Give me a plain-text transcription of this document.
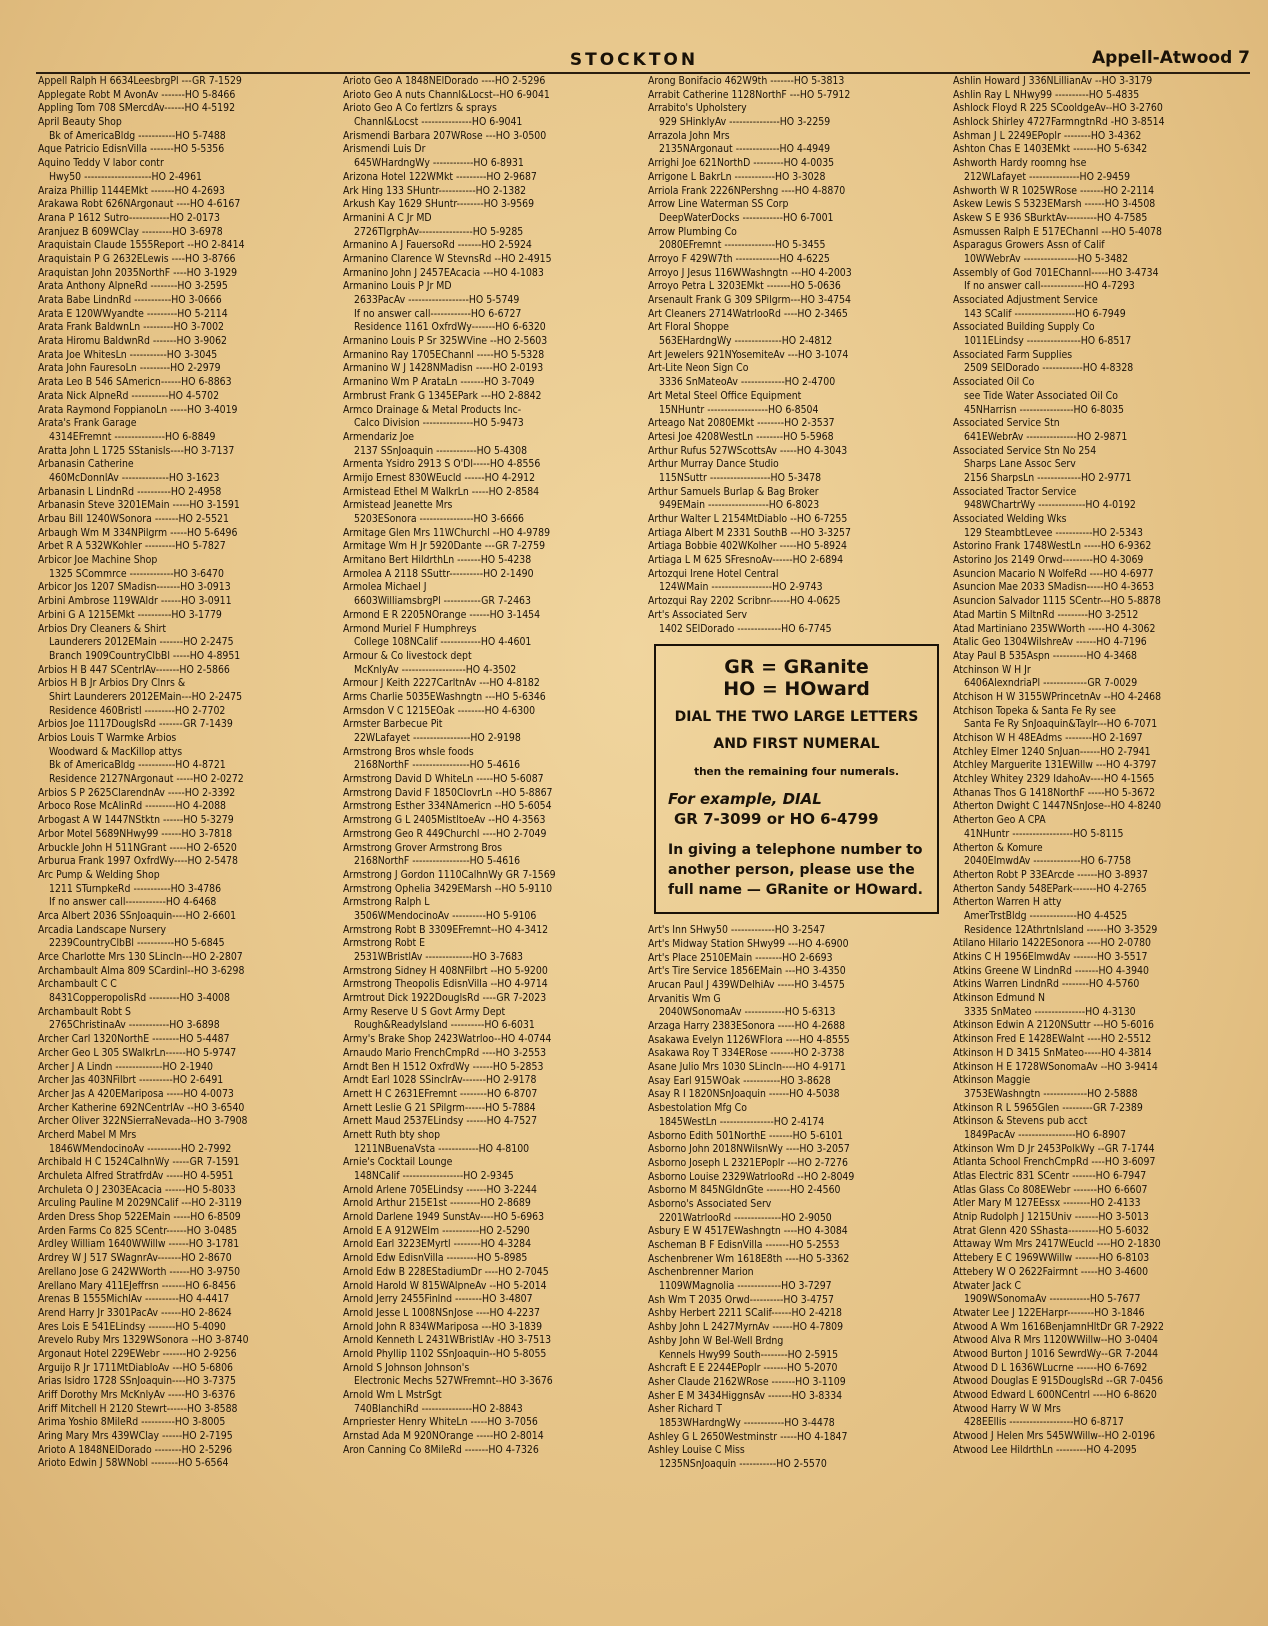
STOCKTON	Appell-Atwood 7
Appell Ralph H 6634LeesbrgPl ---GR 7-1529
Applegate Robt M AvonAv -------HO 5-8466
Appling Tom 708 SMercdAv------HO 4-5192
April Beauty Shop
Bk of AmericaBldg -----------HO 5-7488
Aque Patricio EdisnVilla -------HO 5-5356
Aquino Teddy V labor contr
Hwy50 --------------------HO 2-4961
Araiza Phillip 1144EMkt -------HO 4-2693
Arakawa Robt 626NArgonaut ----HO 4-6167
Arana P 1612 Sutro------------HO 2-0173
Aranjuez B 609WClay ---------HO 3-6978
Araquistain Claude 1555Report --HO 2-8414
Araquistain P G 2632ELewis ----HO 3-8766
Araquistan John 2035NorthF ----HO 3-1929
Arata Anthony AlpneRd --------HO 3-2595
Arata Babe LindnRd -----------HO 3-0666
Arata E 120WWyandte ---------HO 5-2114
Arata Frank BaldwnLn ---------HO 3-7002
Arata Hiromu BaldwnRd -------HO 3-9062
Arata Joe WhitesLn -----------HO 3-3045
Arata John FauresoLn ---------HO 2-2979
Arata Leo B 546 SAmericn------HO 6-8863
Arata Nick AlpneRd -----------HO 4-5702
Arata Raymond FoppianoLn -----HO 3-4019
Arata's Frank Garage
4314EFremnt ---------------HO 6-8849
Aratta John L 1725 SStanisls----HO 3-7137
Arbanasin Catherine
460McDonnlAv --------------HO 3-1623
Arbanasin L LindnRd ----------HO 2-4958
Arbanasin Steve 3201EMain -----HO 3-1591
Arbau Bill 1240WSonora -------HO 2-5521
Arbaugh Wm M 334NPilgrm -----HO 5-6496
Arbet R A 532WKohler ---------HO 5-7827
Arbicor Joe Machine Shop
1325 SCommrce -------------HO 3-6470
Arbicor Jos 1207 SMadisn-------HO 3-0913
Arbini Ambrose 119WAldr ------HO 3-0911
Arbini G A 1215EMkt ----------HO 3-1779
Arbios Dry Cleaners & Shirt
Launderers 2012EMain -------HO 2-2475
Branch 1909CountryClbBl -----HO 4-8951
Arbios H B 447 SCentrlAv-------HO 2-5866
Arbios H B Jr Arbios Dry Clnrs &
Shirt Launderers 2012EMain---HO 2-2475
Residence 460Bristl ---------HO 2-7702
Arbios Joe 1117DouglsRd -------GR 7-1439
Arbios Louis T Warmke Arbios
Woodward & MacKillop attys
Bk of AmericaBldg -----------HO 4-8721
Residence 2127NArgonaut -----HO 2-0272
Arbios S P 2625ClarendnAv -----HO 2-3392
Arboco Rose McAlinRd ---------HO 4-2088
Arbogast A W 1447NStktn ------HO 5-3279
Arbor Motel 5689NHwy99 ------HO 3-7818
Arbuckle John H 511NGrant -----HO 2-6520
Arburua Frank 1997 OxfrdWy----HO 2-5478
Arc Pump & Welding Shop
1211 STurnpkeRd -----------HO 3-4786
If no answer call------------HO 4-6468
Arca Albert 2036 SSnJoaquin----HO 2-6601
Arcadia Landscape Nursery
2239CountryClbBl -----------HO 5-6845
Arce Charlotte Mrs 130 SLincln---HO 2-2807
Archambault Alma 809 SCardinl--HO 3-6298
Archambault C C
8431CopperopolisRd ---------HO 3-4008
Archambault Robt S
2765ChristinaAv ------------HO 3-6898
Archer Carl 1320NorthE --------HO 5-4487
Archer Geo L 305 SWalkrLn------HO 5-9747
Archer J A Lindn --------------HO 2-1940
Archer Jas 403NFilbrt ----------HO 2-6491
Archer Jas A 420EMariposa -----HO 4-0073
Archer Katherine 692NCentrlAv --HO 3-6540
Archer Oliver 322NSierraNevada--HO 3-7908
Archerd Mabel M Mrs
1846WMendocinoAv ----------HO 2-7992
Archibald H C 1524CalhnWy -----GR 7-1591
Archuleta Alfred StratfrdAv -----HO 4-5951
Archuleta O J 2303EAcacia ------HO 5-8033
Arculing Pauline M 2029NCalif ---HO 2-3119
Arden Dress Shop 522EMain -----HO 6-8509
Arden Farms Co 825 SCentr------HO 3-0485
Ardley William 1640WWillw ------HO 3-1781
Ardrey W J 517 SWagnrAv-------HO 2-8670
Arellano Jose G 242WWorth ------HO 3-9750
Arellano Mary 411EJeffrsn -------HO 6-8456
Arenas B 1555MichlAv ----------HO 4-4417
Arend Harry Jr 3301PacAv ------HO 2-8624
Ares Lois E 541ELindsy --------HO 5-4090
Arevelo Ruby Mrs 1329WSonora --HO 3-8740
Argonaut Hotel 229EWebr -------HO 2-9256
Arguijo R Jr 1711MtDiabloAv ---HO 5-6806
Arias Isidro 1728 SSnJoaquin----HO 3-7375
Ariff Dorothy Mrs McKnlyAv -----HO 3-6376
Ariff Mitchell H 2120 Stewrt------HO 3-8588
Arima Yoshio 8MileRd ----------HO 3-8005
Aring Mary Mrs 439WClay ------HO 2-7195
Arioto A 1848NElDorado --------HO 2-5296
Arioto Edwin J 58WNobl --------HO 5-6564
Arioto Geo A 1848NElDorado ----HO 2-5296
Arioto Geo A nuts Channl&Locst--HO 6-9041
Arioto Geo A Co fertlzrs & sprays
Channl&Locst ---------------HO 6-9041
Arismendi Barbara 207WRose ---HO 3-0500
Arismendi Luis Dr
645WHardngWy ------------HO 6-8931
Arizona Hotel 122WMkt ---------HO 2-9687
Ark Hing 133 SHuntr-----------HO 2-1382
Arkush Kay 1629 SHuntr--------HO 3-9569
Armanini A C Jr MD
2726TlgrphAv----------------HO 5-9285
Armanino A J FauersoRd -------HO 2-5924
Armanino Clarence W StevnsRd --HO 2-4915
Armanino John J 2457EAcacia ---HO 4-1083
Armanino Louis P Jr MD
2633PacAv ------------------HO 5-5749
If no answer call------------HO 6-6727
Residence 1161 OxfrdWy-------HO 6-6320
Armanino Louis P Sr 325WVine --HO 2-5603
Armanino Ray 1705EChannl -----HO 5-5328
Armanino W J 1428NMadisn -----HO 2-0193
Armanino Wm P ArataLn -------HO 3-7049
Armbrust Frank G 1345EPark ---HO 2-8842
Armco Drainage & Metal Products Inc-
Calco Division ---------------HO 5-9473
Armendariz Joe
2137 SSnJoaquin ------------HO 5-4308
Armenta Ysidro 2913 S O'Dl-----HO 4-8556
Armijo Ernest 830WEucld ------HO 4-2912
Armistead Ethel M WalkrLn -----HO 2-8584
Armistead Jeanette Mrs
5203ESonora ----------------HO 3-6666
Armitage Glen Mrs 11WChurchl --HO 4-9789
Armitage Wm H Jr 5920Dante ---GR 7-2759
Armitano Bert HildrthLn -------HO 5-4238
Armolea A 2118 SSuttr----------HO 2-1490
Armolea Michael J
6603WilliamsbrgPl -----------GR 7-2463
Armond E R 2205NOrange ------HO 3-1454
Armond Muriel F Humphreys
College 108NCalif ------------HO 4-4601
Armour & Co livestock dept
McKnlyAv -------------------HO 4-3502
Armour J Keith 2227CarltnAv ---HO 4-8182
Arms Charlie 5035EWashngtn ---HO 5-6346
Armsdon V C 1215EOak --------HO 4-6300
Armster Barbecue Pit
22WLafayet -----------------HO 2-9198
Armstrong Bros whsle foods
2168NorthF -----------------HO 5-4616
Armstrong David D WhiteLn -----HO 5-6087
Armstrong David F 1850ClovrLn --HO 5-8867
Armstrong Esther 334NAmericn --HO 5-6054
Armstrong G L 2405MistltoeAv --HO 4-3563
Armstrong Geo R 449Churchl ----HO 2-7049
Armstrong Grover Armstrong Bros
2168NorthF -----------------HO 5-4616
Armstrong J Gordon 1110CalhnWy GR 7-1569
Armstrong Ophelia 3429EMarsh --HO 5-9110
Armstrong Ralph L
3506WMendocinoAv ----------HO 5-9106
Armstrong Robt B 3309EFremnt--HO 4-3412
Armstrong Robt E
2531WBristlAv --------------HO 3-7683
Armstrong Sidney H 408NFilbrt --HO 5-9200
Armstrong Theopolis EdisnVilla --HO 4-9714
Armtrout Dick 1922DouglsRd ----GR 7-2023
Army Reserve U S Govt Army Dept
Rough&ReadyIsland ----------HO 6-6031
Army's Brake Shop 2423Watrloo--HO 4-0744
Arnaudo Mario FrenchCmpRd ----HO 3-2553
Arndt Ben H 1512 OxfrdWy ------HO 5-2853
Arndt Earl 1028 SSinclrAv-------HO 2-9178
Arnett H C 2631EFremnt --------HO 6-8707
Arnett Leslie G 21 SPilgrm------HO 5-7884
Arnett Maud 2537ELindsy ------HO 4-7527
Arnett Ruth bty shop
1211NBuenaVsta ------------HO 4-8100
Arnie's Cocktail Lounge
148NCalif ------------------HO 2-9345
Arnold Arlene 705ELindsy ------HO 3-2244
Arnold Arthur 215E1st ---------HO 2-8689
Arnold Darlene 1949 SunstAv----HO 5-6963
Arnold E A 912WElm -----------HO 2-5290
Arnold Earl 3223EMyrtl --------HO 4-3284
Arnold Edw EdisnVilla ---------HO 5-8985
Arnold Edw B 228EStadiumDr ----HO 2-7045
Arnold Harold W 815WAlpneAv --HO 5-2014
Arnold Jerry 2455Finlnd --------HO 3-4807
Arnold Jesse L 1008NSnJose ----HO 4-2237
Arnold John R 834WMariposa ---HO 3-1839
Arnold Kenneth L 2431WBristlAv -HO 3-7513
Arnold Phyllip 1102 SSnJoaquin--HO 5-8055
Arnold S Johnson Johnson's
Electronic Mechs 527WFremnt--HO 3-3676
Arnold Wm L MstrSgt
740BlanchiRd ---------------HO 2-8843
Arnpriester Henry WhiteLn -----HO 3-7056
Arnstad Ada M 920NOrange -----HO 2-8014
Aron Canning Co 8MileRd -------HO 4-7326
Arong Bonifacio 462W9th -------HO 5-3813
Arrabit Catherine 1128NorthF ---HO 5-7912
Arrabito's Upholstery
929 SHinklyAv ---------------HO 3-2259
Arrazola John Mrs
2135NArgonaut -------------HO 4-4949
Arrighi Joe 621NorthD ---------HO 4-0035
Arrigone L BakrLn ------------HO 3-3028
Arriola Frank 2226NPershng ----HO 4-8870
Arrow Line Waterman SS Corp
DeepWaterDocks ------------HO 6-7001
Arrow Plumbing Co
2080EFremnt ---------------HO 5-3455
Arroyo F 429W7th -------------HO 4-6225
Arroyo J Jesus 116WWashngtn ---HO 4-2003
Arroyo Petra L 3203EMkt -------HO 5-0636
Arsenault Frank G 309 SPilgrm---HO 3-4754
Art Cleaners 2714WatrlooRd ----HO 2-3465
Art Floral Shoppe
563EHardngWy --------------HO 2-4812
Art Jewelers 921NYosemiteAv ---HO 3-1074
Art-Lite Neon Sign Co
3336 SnMateoAv -------------HO 2-4700
Art Metal Steel Office Equipment
15NHuntr ------------------HO 6-8504
Arteago Nat 2080EMkt --------HO 2-3537
Artesi Joe 4208WestLn --------HO 5-5968
Arthur Rufus 527WScottsAv -----HO 4-3043
Arthur Murray Dance Studio
115NSuttr ------------------HO 5-3478
Arthur Samuels Burlap & Bag Broker
949EMain ------------------HO 6-8023
Arthur Walter L 2154MtDiablo --HO 6-7255
Artiaga Albert M 2331 SouthB ---HO 3-3257
Artiaga Bobbie 402WKolher -----HO 5-8924
Artiaga L M 625 SFresnoAv------HO 2-6894
Artozqui Irene Hotel Central
124WMain ------------------HO 2-9743
Artozqui Ray 2202 Scribnr------HO 4-0625
Art's Associated Serv
1402 SElDorado -------------HO 6-7745
GR = GRanite
HO = HOward
DIAL THE TWO LARGE LETTERS
AND FIRST NUMERAL
then the remaining four numerals.
For example, DIAL
GR 7-3099 or HO 6-4799
In giving a telephone number to another person, please use the full name — GRanite or HOward.
Art's Inn SHwy50 -------------HO 3-2547
Art's Midway Station SHwy99 ---HO 4-6900
Art's Place 2510EMain --------HO 2-6693
Art's Tire Service 1856EMain ---HO 3-4350
Arucan Paul J 439WDelhiAv -----HO 3-4575
Arvanitis Wm G
2040WSonomaAv ------------HO 5-6313
Arzaga Harry 2383ESonora -----HO 4-2688
Asakawa Evelyn 1126WFlora ----HO 4-8555
Asakawa Roy T 334ERose -------HO 2-3738
Asane Julio Mrs 1030 SLincln----HO 4-9171
Asay Earl 915WOak -----------HO 3-8628
Asay R I 1820NSnJoaquin ------HO 4-5038
Asbestolation Mfg Co
1845WestLn ----------------HO 2-4174
Asborno Edith 501NorthE -------HO 5-6101
Asborno John 2018NWilsnWy ----HO 3-2057
Asborno Joseph L 2321EPoplr ---HO 2-7276
Asborno Louise 2329WatrlooRd --HO 2-8049
Asborno M 845NGldnGte -------HO 2-4560
Asborno's Associated Serv
2201WatrlooRd --------------HO 2-9050
Asbury E W 4517EWashngtn ----HO 4-3084
Ascheman B F EdisnVilla -------HO 5-2553
Aschenbrener Wm 1618E8th ----HO 5-3362
Aschenbrenner Marion
1109WMagnolia -------------HO 3-7297
Ash Wm T 2035 Orwd----------HO 3-4757
Ashby Herbert 2211 SCalif------HO 2-4218
Ashby John L 2427MyrnAv ------HO 4-7809
Ashby John W Bel-Well Brdng
Kennels Hwy99 South--------HO 2-5915
Ashcraft E E 2244EPoplr -------HO 5-2070
Asher Claude 2162WRose -------HO 3-1109
Asher E M 3434HiggnsAv -------HO 3-8334
Asher Richard T
1853WHardngWy ------------HO 3-4478
Ashley G L 2650Westminstr -----HO 4-1847
Ashley Louise C Miss
1235NSnJoaquin -----------HO 2-5570
Ashlin Howard J 336NLillianAv --HO 3-3179
Ashlin Ray L NHwy99 ----------HO 5-4835
Ashlock Floyd R 225 SCooldgeAv--HO 3-2760
Ashlock Shirley 4727FarmngtnRd -HO 3-8514
Ashman J L 2249EPoplr --------HO 3-4362
Ashton Chas E 1403EMkt -------HO 5-6342
Ashworth Hardy roomng hse
212WLafayet ---------------HO 2-9459
Ashworth W R 1025WRose -------HO 2-2114
Askew Lewis S 5323EMarsh ------HO 3-4508
Askew S E 936 SBurktAv---------HO 4-7585
Asmussen Ralph E 517EChannl ---HO 5-4078
Asparagus Growers Assn of Calif
10WWebrAv ----------------HO 5-3482
Assembly of God 701EChannl-----HO 3-4734
If no answer call-------------HO 4-7293
Associated Adjustment Service
143 SCalif ------------------HO 6-7949
Associated Building Supply Co
1011ELindsy ----------------HO 6-8517
Associated Farm Supplies
2509 SElDorado ------------HO 4-8328
Associated Oil Co
see Tide Water Associated Oil Co
45NHarrisn ----------------HO 6-8035
Associated Service Stn
641EWebrAv ---------------HO 2-9871
Associated Service Stn No 254
Sharps Lane Assoc Serv
2156 SharpsLn -------------HO 2-9771
Associated Tractor Service
948WChartrWy --------------HO 4-0192
Associated Welding Wks
129 SteambtLevee -----------HO 2-5343
Astorino Frank 1748WestLn -----HO 6-9362
Astorino Jos 2149 Orwd---------HO 4-3069
Asuncion Macario N WolfeRd ----HO 4-6977
Asuncion Mae 2033 SMadisn-----HO 4-3653
Asuncion Salvador 1115 SCentr---HO 5-8878
Atad Martin S MiltnRd ---------HO 3-2512
Atad Martiniano 235WWorth -----HO 4-3062
Atalic Geo 1304WilshreAv ------HO 4-7196
Atay Paul B 535Aspn ----------HO 4-3468
Atchinson W H Jr
6406AlexndriaPl -------------GR 7-0029
Atchison H W 3155WPrincetnAv --HO 4-2468
Atchison Topeka & Santa Fe Ry see
Santa Fe Ry SnJoaquin&Taylr---HO 6-7071
Atchison W H 48EAdms --------HO 2-1697
Atchley Elmer 1240 SnJuan------HO 2-7941
Atchley Marguerite 131EWillw ---HO 4-3797
Atchley Whitey 2329 IdahoAv----HO 4-1565
Athanas Thos G 1418NorthF -----HO 5-3672
Atherton Dwight C 1447NSnJose--HO 4-8240
Atherton Geo A CPA
41NHuntr ------------------HO 5-8115
Atherton & Komure
2040ElmwdAv --------------HO 6-7758
Atherton Robt P 33EArcde ------HO 3-8937
Atherton Sandy 548EPark-------HO 4-2765
Atherton Warren H atty
AmerTrstBldg --------------HO 4-4525
Residence 12AthrtnIsland ------HO 3-3529
Atilano Hilario 1422ESonora ----HO 2-0780
Atkins C H 1956ElmwdAv -------HO 3-5517
Atkins Greene W LindnRd -------HO 4-3940
Atkins Warren LindnRd --------HO 4-5760
Atkinson Edmund N
3335 SnMateo ---------------HO 4-3130
Atkinson Edwin A 2120NSuttr ---HO 5-6016
Atkinson Fred E 1428EWalnt ----HO 2-5512
Atkinson H D 3415 SnMateo-----HO 4-3814
Atkinson H E 1728WSonomaAv --HO 3-9414
Atkinson Maggie
3753EWashngtn -------------HO 2-5888
Atkinson R L 5965Glen ---------GR 7-2389
Atkinson & Stevens pub acct
1849PacAv -----------------HO 6-8907
Atkinson Wm D Jr 2453PolkWy --GR 7-1744
Atlanta School FrenchCmpRd ----HO 3-6097
Atlas Electric 831 SCentr -------HO 6-7947
Atlas Glass Co 808EWebr -------HO 6-6607
Atler Mary M 127EEssx --------HO 2-4133
Atnip Rudolph J 1215Univ -------HO 3-5013
Atrat Glenn 420 SShasta---------HO 5-6032
Attaway Wm Mrs 2417WEucld ----HO 2-1830
Attebery E C 1969WWillw -------HO 6-8103
Attebery W O 2622Fairmnt -----HO 3-4600
Atwater Jack C
1909WSonomaAv ------------HO 5-7677
Atwater Lee J 122EHarpr--------HO 3-1846
Atwood A Wm 1616BenjamnHltDr GR 7-2922
Atwood Alva R Mrs 1120WWillw--HO 3-0404
Atwood Burton J 1016 SewrdWy--GR 7-2044
Atwood D L 1636WLucrne ------HO 6-7692
Atwood Douglas E 915DouglsRd --GR 7-0456
Atwood Edward L 600NCentrl ----HO 6-8620
Atwood Harry W W Mrs
428EEllis -------------------HO 6-8717
Atwood J Helen Mrs 545WWillw--HO 2-0196
Atwood Lee HildrthLn ---------HO 4-2095
